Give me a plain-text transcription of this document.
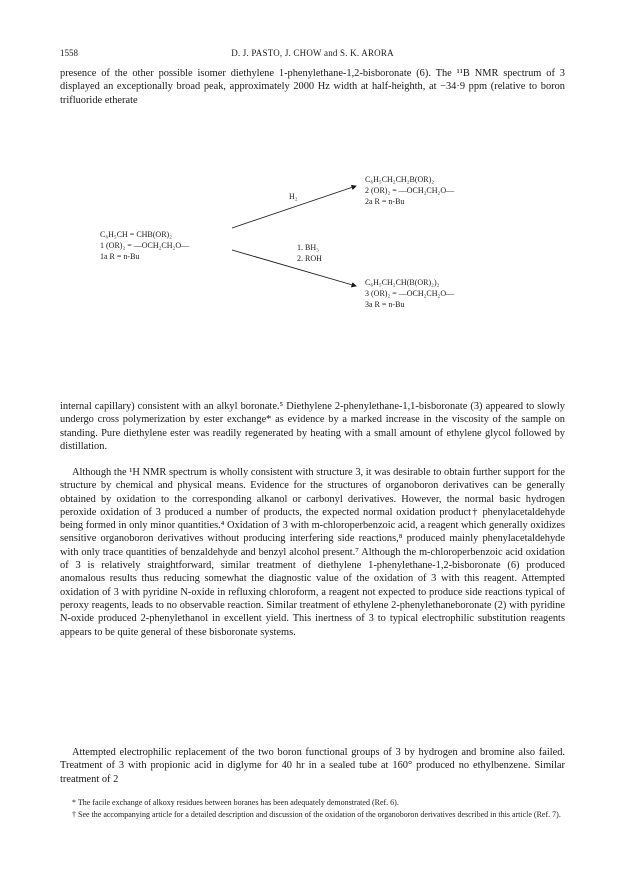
1558	D. J. PASTO, J. CHOW and S. K. ARORA

presence of the other possible isomer diethylene 1-phenylethane-1,2-bisboronate (6). The ¹¹B NMR spectrum of 3 displayed an exceptionally broad peak, approximately 2000 Hz width at half-heighth, at −34·9 ppm (relative to boron trifluoride etherate

C₆H₅CH = CHB(OR)₂
1 (OR)₂ = —OCH₂CH₂O—
1a R = n-Bu
H₂
1. BH₃
2. ROH
C₆H₅CH₂CH₂B(OR)₂
2 (OR)₂ = —OCH₂CH₂O—
2a R = n-Bu
C₆H₅CH₂CH(B(OR)₂)₂
3 (OR)₂ = —OCH₂CH₂O—
3a R = n-Bu

internal capillary) consistent with an alkyl boronate.⁵ Diethylene 2-phenylethane-1,1-bisboronate (3) appeared to slowly undergo cross polymerization by ester exchange* as evidence by a marked increase in the viscosity of the sample on standing. Pure diethylene ester was readily regenerated by heating with a small amount of ethylene glycol followed by distillation.

Although the ¹H NMR spectrum is wholly consistent with structure 3, it was desirable to obtain further support for the structure by chemical and physical means. Evidence for the structures of organoboron derivatives can be generally obtained by oxidation to the corresponding alkanol or carbonyl derivatives. However, the normal basic hydrogen peroxide oxidation of 3 produced a number of products, the expected normal oxidation product† phenylacetaldehyde being formed in only minor quantities.⁴ Oxidation of 3 with m-chloroperbenzoic acid, a reagent which generally oxidizes sensitive organoboron derivatives without producing interfering side reactions,⁸ produced mainly phenylacetaldehyde with only trace quantities of benzaldehyde and benzyl alcohol present.⁷ Although the m-chloroperbenzoic acid oxidation of 3 is relatively straightforward, similar treatment of diethylene 1-phenylethane-1,2-bisboronate (6) produced anomalous results thus reducing somewhat the diagnostic value of the oxidation of 3 with this reagent. Attempted oxidation of 3 with pyridine N-oxide in refluxing chloroform, a reagent not expected to produce side reactions typical of peroxy reagents, leads to no observable reaction. Similar treatment of ethylene 2-phenylethaneboronate (2) with pyridine N-oxide produced 2-phenylethanol in excellent yield. This inertness of 3 to typical electrophilic substitution reagents appears to be quite general of these bisboronate systems.

Attempted electrophilic replacement of the two boron functional groups of 3 by hydrogen and bromine also failed. Treatment of 3 with propionic acid in diglyme for 40 hr in a sealed tube at 160° produced no ethylbenzene. Similar treatment of 2

* The facile exchange of alkoxy residues between boranes has been adequately demonstrated (Ref. 6).

† See the accompanying article for a detailed description and discussion of the oxidation of the organoboron derivatives described in this article (Ref. 7).
